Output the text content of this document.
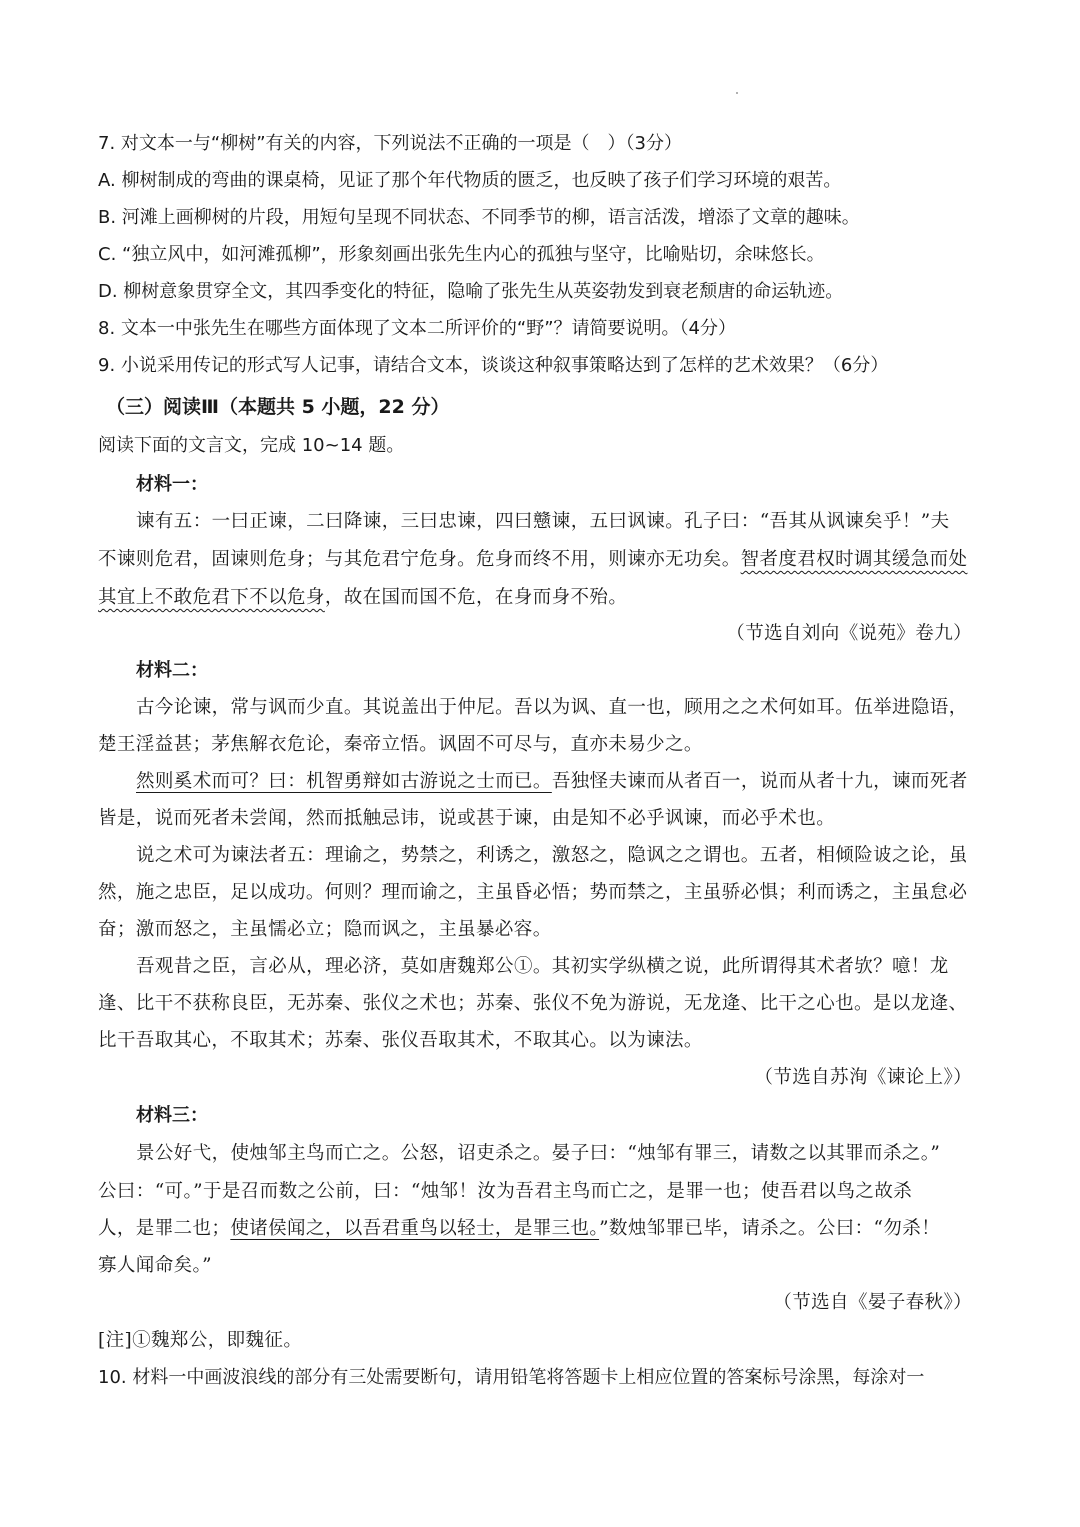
7. 对文本一与“柳树”有关的内容，下列说法不正确的一项是（　）（3分）
A. 柳树制成的弯曲的课桌椅，见证了那个年代物质的匮乏，也反映了孩子们学习环境的艰苦。
B. 河滩上画柳树的片段，用短句呈现不同状态、不同季节的柳，语言活泼，增添了文章的趣味。
C. “独立风中，如河滩孤柳”，形象刻画出张先生内心的孤独与坚守，比喻贴切，余味悠长。
D. 柳树意象贯穿全文，其四季变化的特征，隐喻了张先生从英姿勃发到衰老颓唐的命运轨迹。
8. 文本一中张先生在哪些方面体现了文本二所评价的“野”？请简要说明。（4分）
9. 小说采用传记的形式写人记事，请结合文本，谈谈这种叙事策略达到了怎样的艺术效果？（6分）
（三）阅读Ⅲ（本题共 5 小题，22 分）
阅读下面的文言文，完成 10~14 题。
材料一：
谏有五：一曰正谏，二曰降谏，三曰忠谏，四曰戆谏，五曰讽谏。孔子曰：“吾其从讽谏矣乎！”夫
不谏则危君，固谏则危身；与其危君宁危身。危身而终不用，则谏亦无功矣。智者度君权时调其缓急而处
其宜上不敢危君下不以危身，故在国而国不危，在身而身不殆。
（节选自刘向《说苑》卷九）
材料二：
古今论谏，常与讽而少直。其说盖出于仲尼。吾以为讽、直一也，顾用之之术何如耳。伍举进隐语，
楚王淫益甚；茅焦解衣危论，秦帝立悟。讽固不可尽与，直亦未易少之。
然则奚术而可？曰：机智勇辩如古游说之士而已。吾独怪夫谏而从者百一，说而从者十九，谏而死者
皆是，说而死者未尝闻，然而抵触忌讳，说或甚于谏，由是知不必乎讽谏，而必乎术也。
说之术可为谏法者五：理谕之，势禁之，利诱之，激怒之，隐讽之之谓也。五者，相倾险诐之论，虽
然，施之忠臣，足以成功。何则？理而谕之，主虽昏必悟；势而禁之，主虽骄必惧；利而诱之，主虽怠必
奋；激而怒之，主虽懦必立；隐而讽之，主虽暴必容。
吾观昔之臣，言必从，理必济，莫如唐魏郑公①。其初实学纵横之说，此所谓得其术者欤？噫！龙
逢、比干不获称良臣，无苏秦、张仪之术也；苏秦、张仪不免为游说，无龙逄、比干之心也。是以龙逄、
比干吾取其心，不取其术；苏秦、张仪吾取其术，不取其心。以为谏法。
（节选自苏洵《谏论上》）
材料三：
景公好弋，使烛邹主鸟而亡之。公怒，诏吏杀之。晏子曰：“烛邹有罪三，请数之以其罪而杀之。”
公曰：“可。”于是召而数之公前，曰：“烛邹！汝为吾君主鸟而亡之，是罪一也；使吾君以鸟之故杀
人，是罪二也；使诸侯闻之，以吾君重鸟以轻士，是罪三也。”数烛邹罪已毕，请杀之。公曰：“勿杀！
寡人闻命矣。”
（节选自《晏子春秋》）
[注]①魏郑公，即魏征。
10. 材料一中画波浪线的部分有三处需要断句，请用铅笔将答题卡上相应位置的答案标号涂黑，每涂对一
